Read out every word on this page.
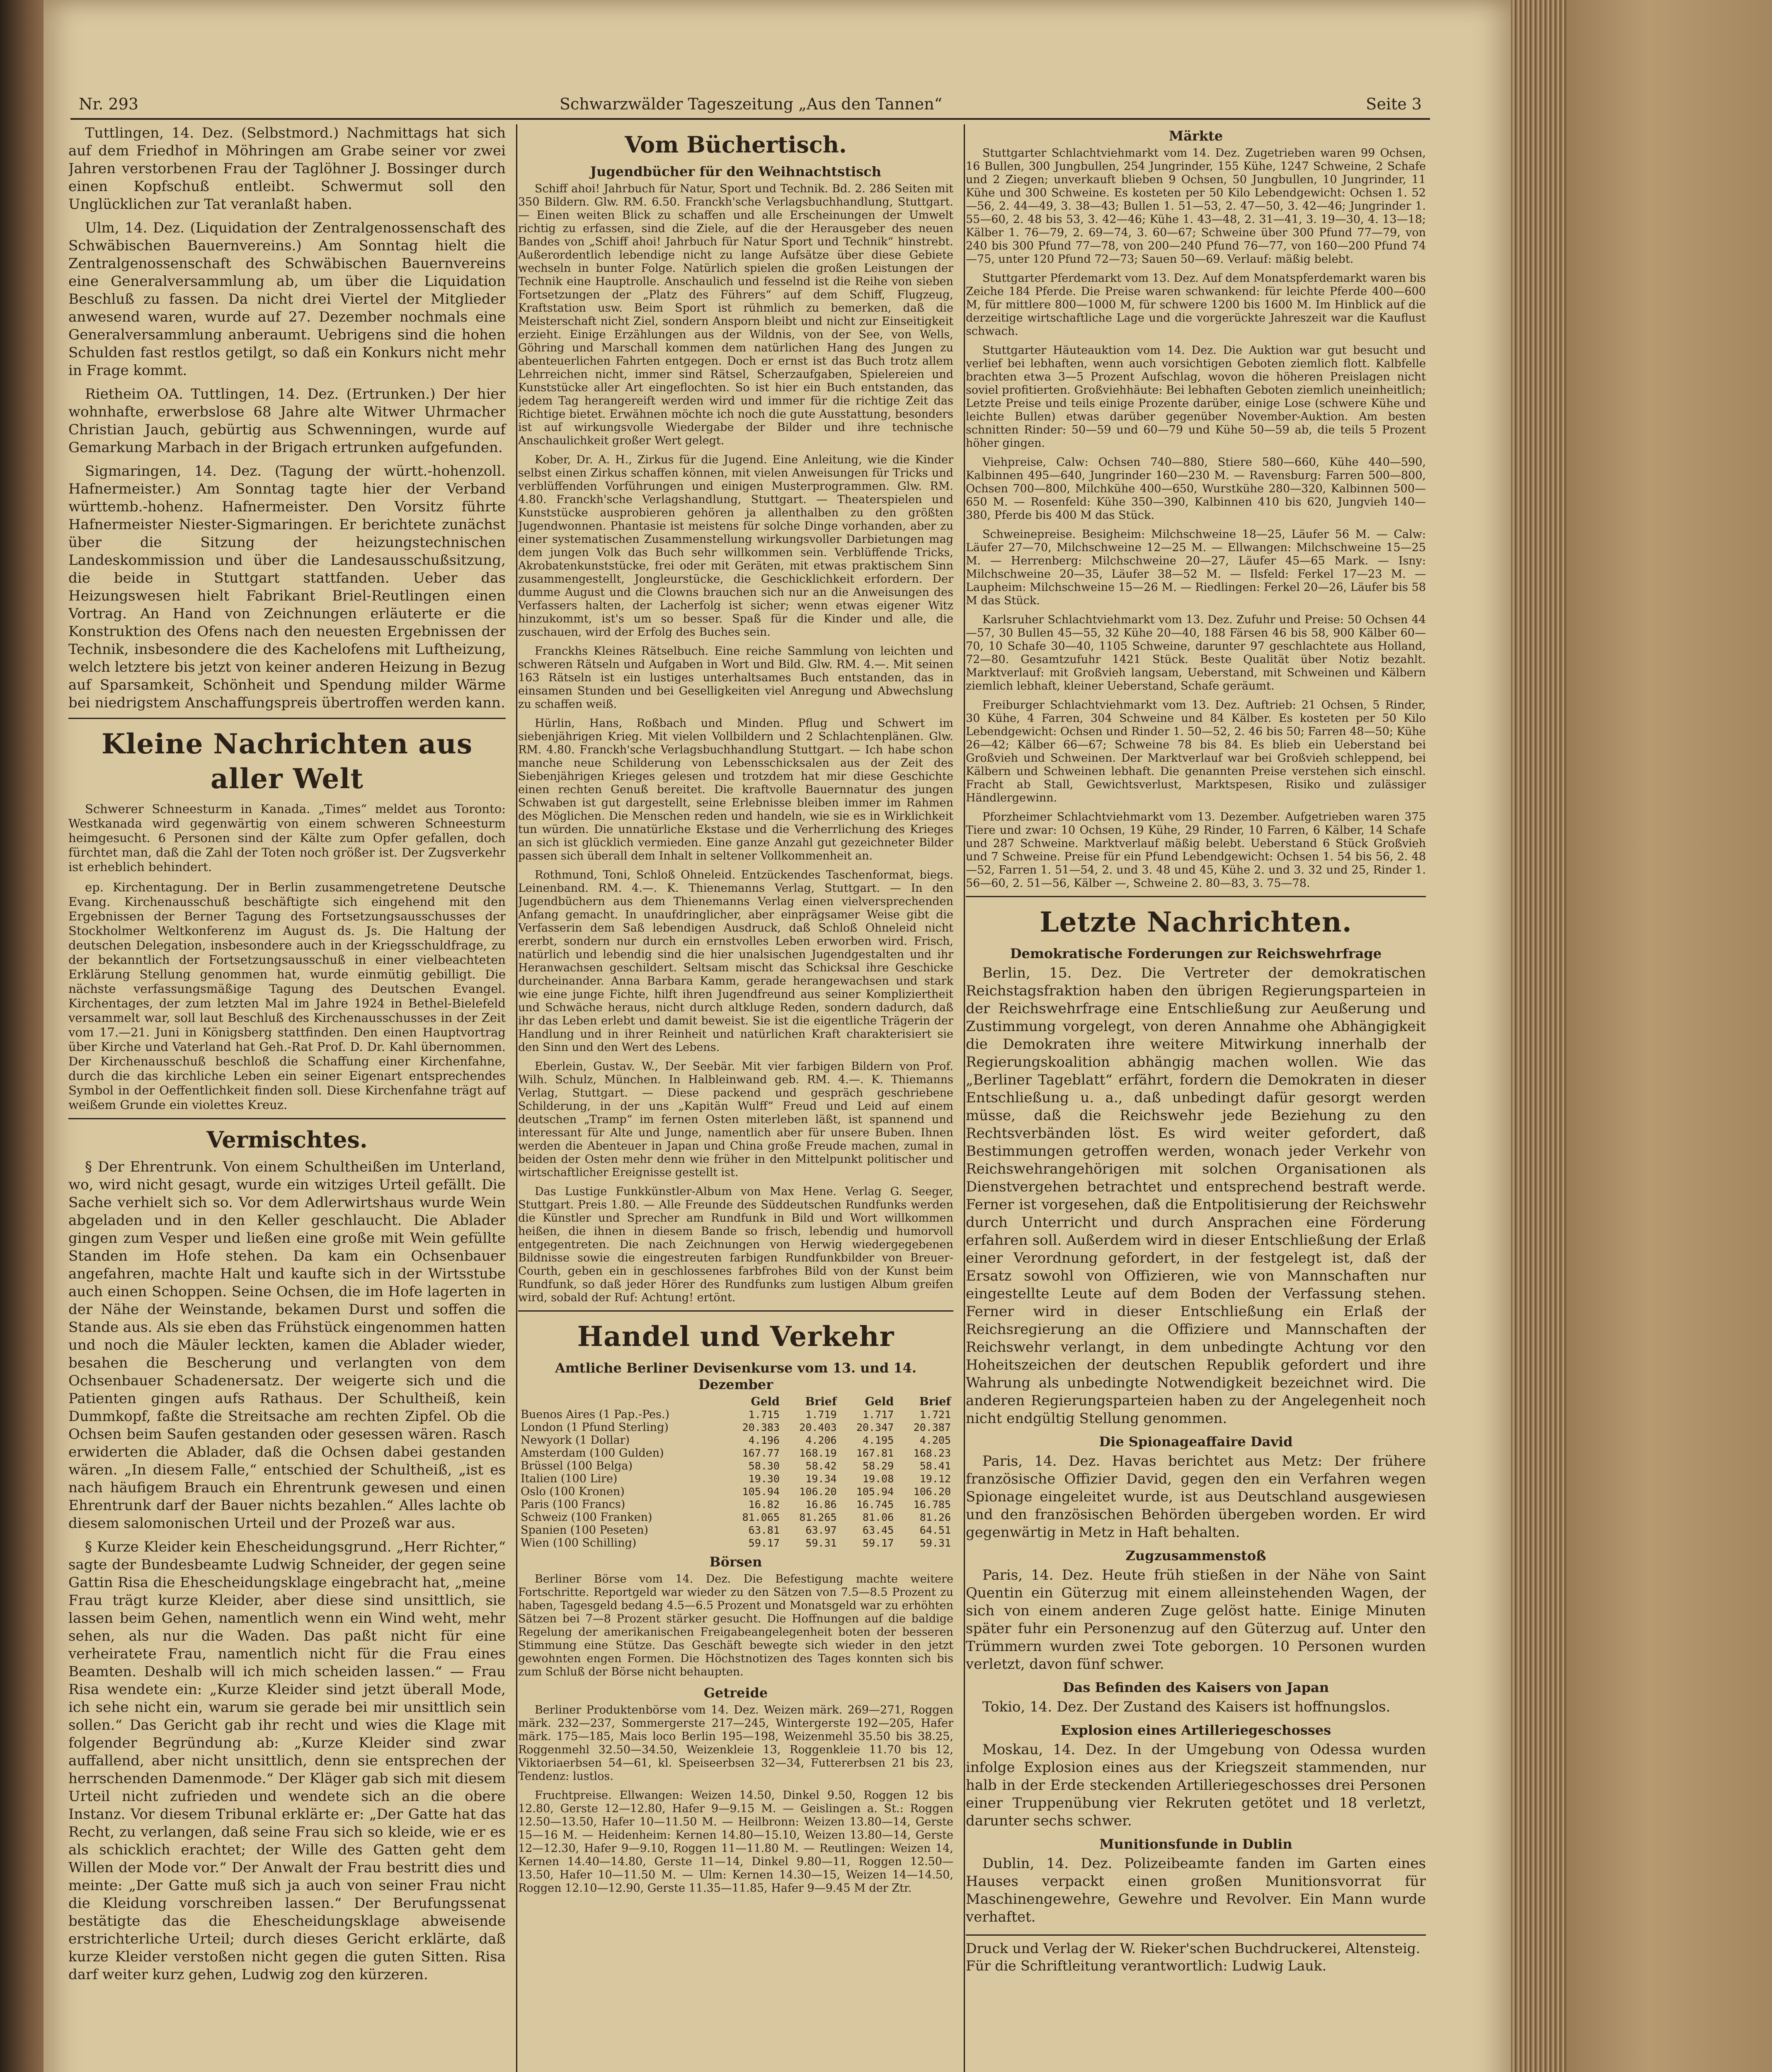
Nr. 293	Schwarzwälder Tageszeitung „Aus den Tannen“	Seite 3

Tuttlingen, 14. Dez. (Selbstmord.) Nachmittags hat sich auf dem Friedhof in Möhringen am Grabe seiner vor zwei Jahren verstorbenen Frau der Taglöhner J. Bossinger durch einen Kopfschuß entleibt. Schwermut soll den Unglücklichen zur Tat veranlaßt haben.

Ulm, 14. Dez. (Liquidation der Zentralgenossenschaft des Schwäbischen Bauernvereins.) Am Sonntag hielt die Zentralgenossenschaft des Schwäbischen Bauernvereins eine Generalversammlung ab, um über die Liquidation Beschluß zu fassen. Da nicht drei Viertel der Mitglieder anwesend waren, wurde auf 27. Dezember nochmals eine Generalversammlung anberaumt. Uebrigens sind die hohen Schulden fast restlos getilgt, so daß ein Konkurs nicht mehr in Frage kommt.

Rietheim OA. Tuttlingen, 14. Dez. (Ertrunken.) Der hier wohnhafte, erwerbslose 68 Jahre alte Witwer Uhrmacher Christian Jauch, gebürtig aus Schwenningen, wurde auf Gemarkung Marbach in der Brigach ertrunken aufgefunden.

Sigmaringen, 14. Dez. (Tagung der württ.-hohenzoll. Hafnermeister.) Am Sonntag tagte hier der Verband württemb.-hohenz. Hafnermeister. Den Vorsitz führte Hafnermeister Niester-Sigmaringen. Er berichtete zunächst über die Sitzung der heizungstechnischen Landeskommission und über die Landesausschußsitzung, die beide in Stuttgart stattfanden. Ueber das Heizungswesen hielt Fabrikant Briel-Reutlingen einen Vortrag. An Hand von Zeichnungen erläuterte er die Konstruktion des Ofens nach den neuesten Ergebnissen der Technik, insbesondere die des Kachelofens mit Luftheizung, welch letztere bis jetzt von keiner anderen Heizung in Bezug auf Sparsamkeit, Schönheit und Spendung milder Wärme bei niedrigstem Anschaffungspreis übertroffen werden kann.

Kleine Nachrichten aus aller Welt

Schwerer Schneesturm in Kanada. „Times“ meldet aus Toronto: Westkanada wird gegenwärtig von einem schweren Schneesturm heimgesucht. 6 Personen sind der Kälte zum Opfer gefallen, doch fürchtet man, daß die Zahl der Toten noch größer ist. Der Zugsverkehr ist erheblich behindert.

ep. Kirchentagung. Der in Berlin zusammengetretene Deutsche Evang. Kirchenausschuß beschäftigte sich eingehend mit den Ergebnissen der Berner Tagung des Fortsetzungsausschusses der Stockholmer Weltkonferenz im August ds. Js. Die Haltung der deutschen Delegation, insbesondere auch in der Kriegsschuldfrage, zu der bekanntlich der Fortsetzungsausschuß in einer vielbeachteten Erklärung Stellung genommen hat, wurde einmütig gebilligt. Die nächste verfassungsmäßige Tagung des Deutschen Evangel. Kirchentages, der zum letzten Mal im Jahre 1924 in Bethel-Bielefeld versammelt war, soll laut Beschluß des Kirchenausschusses in der Zeit vom 17.—21. Juni in Königsberg stattfinden. Den einen Hauptvortrag über Kirche und Vaterland hat Geh.-Rat Prof. D. Dr. Kahl übernommen. Der Kirchenausschuß beschloß die Schaffung einer Kirchenfahne, durch die das kirchliche Leben ein seiner Eigenart entsprechendes Symbol in der Oeffentlichkeit finden soll. Diese Kirchenfahne trägt auf weißem Grunde ein violettes Kreuz.

Vermischtes.

§ Der Ehrentrunk. Von einem Schultheißen im Unterland, wo, wird nicht gesagt, wurde ein witziges Urteil gefällt. Die Sache verhielt sich so. Vor dem Adlerwirtshaus wurde Wein abgeladen und in den Keller geschlaucht. Die Ablader gingen zum Vesper und ließen eine große mit Wein gefüllte Standen im Hofe stehen. Da kam ein Ochsenbauer angefahren, machte Halt und kaufte sich in der Wirtsstube auch einen Schoppen. Seine Ochsen, die im Hofe lagerten in der Nähe der Weinstande, bekamen Durst und soffen die Stande aus. Als sie eben das Frühstück eingenommen hatten und noch die Mäuler leckten, kamen die Ablader wieder, besahen die Bescherung und verlangten von dem Ochsenbauer Schadenersatz. Der weigerte sich und die Patienten gingen aufs Rathaus. Der Schultheiß, kein Dummkopf, faßte die Streitsache am rechten Zipfel. Ob die Ochsen beim Saufen gestanden oder gesessen wären. Rasch erwiderten die Ablader, daß die Ochsen dabei gestanden wären. „In diesem Falle,“ entschied der Schultheiß, „ist es nach häufigem Brauch ein Ehrentrunk gewesen und einen Ehrentrunk darf der Bauer nichts bezahlen.“ Alles lachte ob diesem salomonischen Urteil und der Prozeß war aus.

§ Kurze Kleider kein Ehescheidungsgrund. „Herr Richter,“ sagte der Bundesbeamte Ludwig Schneider, der gegen seine Gattin Risa die Ehescheidungsklage eingebracht hat, „meine Frau trägt kurze Kleider, aber diese sind unsittlich, sie lassen beim Gehen, namentlich wenn ein Wind weht, mehr sehen, als nur die Waden. Das paßt nicht für eine verheiratete Frau, namentlich nicht für die Frau eines Beamten. Deshalb will ich mich scheiden lassen.“ — Frau Risa wendete ein: „Kurze Kleider sind jetzt überall Mode, ich sehe nicht ein, warum sie gerade bei mir unsittlich sein sollen.“ Das Gericht gab ihr recht und wies die Klage mit folgender Begründung ab: „Kurze Kleider sind zwar auffallend, aber nicht unsittlich, denn sie entsprechen der herrschenden Damenmode.“ Der Kläger gab sich mit diesem Urteil nicht zufrieden und wendete sich an die obere Instanz. Vor diesem Tribunal erklärte er: „Der Gatte hat das Recht, zu verlangen, daß seine Frau sich so kleide, wie er es als schicklich erachtet; der Wille des Gatten geht dem Willen der Mode vor.“ Der Anwalt der Frau bestritt dies und meinte: „Der Gatte muß sich ja auch von seiner Frau nicht die Kleidung vorschreiben lassen.“ Der Berufungssenat bestätigte das die Ehescheidungsklage abweisende erstrichterliche Urteil; durch dieses Gericht erklärte, daß kurze Kleider verstoßen nicht gegen die guten Sitten. Risa darf weiter kurz gehen, Ludwig zog den kürzeren.

Vom Büchertisch.
Jugendbücher für den Weihnachtstisch

Schiff ahoi! Jahrbuch für Natur, Sport und Technik. Bd. 2. 286 Seiten mit 350 Bildern. Glw. RM. 6.50. Franckh'sche Verlagsbuchhandlung, Stuttgart. — Einen weiten Blick zu schaffen und alle Erscheinungen der Umwelt richtig zu erfassen, sind die Ziele, auf die der Herausgeber des neuen Bandes von „Schiff ahoi! Jahrbuch für Natur Sport und Technik“ hinstrebt. Außerordentlich lebendige nicht zu lange Aufsätze über diese Gebiete wechseln in bunter Folge. Natürlich spielen die großen Leistungen der Technik eine Hauptrolle. Anschaulich und fesselnd ist die Reihe von sieben Fortsetzungen der „Platz des Führers“ auf dem Schiff, Flugzeug, Kraftstation usw. Beim Sport ist rühmlich zu bemerken, daß die Meisterschaft nicht Ziel, sondern Ansporn bleibt und nicht zur Einseitigkeit erzieht. Einige Erzählungen aus der Wildnis, von der See, von Wells, Göhring und Marschall kommen dem natürlichen Hang des Jungen zu abenteuerlichen Fahrten entgegen. Doch er ernst ist das Buch trotz allem Lehrreichen nicht, immer sind Rätsel, Scherzaufgaben, Spielereien und Kunststücke aller Art eingeflochten. So ist hier ein Buch entstanden, das jedem Tag herangereift werden wird und immer für die richtige Zeit das Richtige bietet. Erwähnen möchte ich noch die gute Ausstattung, besonders ist auf wirkungsvolle Wiedergabe der Bilder und ihre technische Anschaulichkeit großer Wert gelegt.

Kober, Dr. A. H., Zirkus für die Jugend. Eine Anleitung, wie die Kinder selbst einen Zirkus schaffen können, mit vielen Anweisungen für Tricks und verblüffenden Vorführungen und einigen Musterprogrammen. Glw. RM. 4.80. Franckh'sche Verlagshandlung, Stuttgart. — Theaterspielen und Kunststücke ausprobieren gehören ja allenthalben zu den größten Jugendwonnen. Phantasie ist meistens für solche Dinge vorhanden, aber zu einer systematischen Zusammenstellung wirkungsvoller Darbietungen mag dem jungen Volk das Buch sehr willkommen sein. Verblüffende Tricks, Akrobatenkunststücke, frei oder mit Geräten, mit etwas praktischem Sinn zusammengestellt, Jongleurstücke, die Geschicklichkeit erfordern. Der dumme August und die Clowns brauchen sich nur an die Anweisungen des Verfassers halten, der Lacherfolg ist sicher; wenn etwas eigener Witz hinzukommt, ist's um so besser. Spaß für die Kinder und alle, die zuschauen, wird der Erfolg des Buches sein.

Franckhs Kleines Rätselbuch. Eine reiche Sammlung von leichten und schweren Rätseln und Aufgaben in Wort und Bild. Glw. RM. 4.—. Mit seinen 163 Rätseln ist ein lustiges unterhaltsames Buch entstanden, das in einsamen Stunden und bei Geselligkeiten viel Anregung und Abwechslung zu schaffen weiß.

Hürlin, Hans, Roßbach und Minden. Pflug und Schwert im siebenjährigen Krieg. Mit vielen Vollbildern und 2 Schlachtenplänen. Glw. RM. 4.80. Franckh'sche Verlagsbuchhandlung Stuttgart. — Ich habe schon manche neue Schilderung von Lebensschicksalen aus der Zeit des Siebenjährigen Krieges gelesen und trotzdem hat mir diese Geschichte einen rechten Genuß bereitet. Die kraftvolle Bauernnatur des jungen Schwaben ist gut dargestellt, seine Erlebnisse bleiben immer im Rahmen des Möglichen. Die Menschen reden und handeln, wie sie es in Wirklichkeit tun würden. Die unnatürliche Ekstase und die Verherrlichung des Krieges an sich ist glücklich vermieden. Eine ganze Anzahl gut gezeichneter Bilder passen sich überall dem Inhalt in seltener Vollkommenheit an.

Rothmund, Toni, Schloß Ohneleid. Entzückendes Taschenformat, biegs. Leinenband. RM. 4.—. K. Thienemanns Verlag, Stuttgart. — In den Jugendbüchern aus dem Thienemanns Verlag einen vielversprechenden Anfang gemacht. In unaufdringlicher, aber einprägsamer Weise gibt die Verfasserin dem Saß lebendigen Ausdruck, daß Schloß Ohneleid nicht ererbt, sondern nur durch ein ernstvolles Leben erworben wird. Frisch, natürlich und lebendig sind die hier unalsischen Jugendgestalten und ihr Heranwachsen geschildert. Seltsam mischt das Schicksal ihre Geschicke durcheinander. Anna Barbara Kamm, gerade herangewachsen und stark wie eine junge Fichte, hilft ihren Jugendfreund aus seiner Kompliziertheit und Schwäche heraus, nicht durch altkluge Reden, sondern dadurch, daß ihr das Leben erlebt und damit beweist. Sie ist die eigentliche Trägerin der Handlung und in ihrer Reinheit und natürlichen Kraft charakterisiert sie den Sinn und den Wert des Lebens.

Eberlein, Gustav. W., Der Seebär. Mit vier farbigen Bildern von Prof. Wilh. Schulz, München. In Halbleinwand geb. RM. 4.—. K. Thiemanns Verlag, Stuttgart. — Diese packend und gespräch geschriebene Schilderung, in der uns „Kapitän Wulff“ Freud und Leid auf einem deutschen „Tramp“ im fernen Osten miterleben läßt, ist spannend und interessant für Alte und Junge, namentlich aber für unsere Buben. Ihnen werden die Abenteuer in Japan und China große Freude machen, zumal in beiden der Osten mehr denn wie früher in den Mittelpunkt politischer und wirtschaftlicher Ereignisse gestellt ist.

Das Lustige Funkkünstler-Album von Max Hene. Verlag G. Seeger, Stuttgart. Preis 1.80. — Alle Freunde des Süddeutschen Rundfunks werden die Künstler und Sprecher am Rundfunk in Bild und Wort willkommen heißen, die ihnen in diesem Bande so frisch, lebendig und humorvoll entgegentreten. Die nach Zeichnungen von Herwig wiedergegebenen Bildnisse sowie die eingestreuten farbigen Rundfunkbilder von Breuer-Courth, geben ein in geschlossenes farbfrohes Bild von der Kunst beim Rundfunk, so daß jeder Hörer des Rundfunks zum lustigen Album greifen wird, sobald der Ruf: Achtung! ertönt.

Handel und Verkehr
Amtliche Berliner Devisenkurse vom 13. und 14. Dezember
	Geld	Brief	Geld	Brief
Buenos Aires (1 Pap.-Pes.)	1.715	1.719	1.717	1.721
London (1 Pfund Sterling)	20.383	20.403	20.347	20.387
Newyork (1 Dollar)	4.196	4.206	4.195	4.205
Amsterdam (100 Gulden)	167.77	168.19	167.81	168.23
Brüssel (100 Belga)	58.30	58.42	58.29	58.41
Italien (100 Lire)	19.30	19.34	19.08	19.12
Oslo (100 Kronen)	105.94	106.20	105.94	106.20
Paris (100 Francs)	16.82	16.86	16.745	16.785
Schweiz (100 Franken)	81.065	81.265	81.06	81.26
Spanien (100 Peseten)	63.81	63.97	63.45	64.51
Wien (100 Schilling)	59.17	59.31	59.17	59.31
Börsen

Berliner Börse vom 14. Dez. Die Befestigung machte weitere Fortschritte. Reportgeld war wieder zu den Sätzen von 7.5—8.5 Prozent zu haben, Tagesgeld bedang 4.5—6.5 Prozent und Monatsgeld war zu erhöhten Sätzen bei 7—8 Prozent stärker gesucht. Die Hoffnungen auf die baldige Regelung der amerikanischen Freigabeangelegenheit boten der besseren Stimmung eine Stütze. Das Geschäft bewegte sich wieder in den jetzt gewohnten engen Formen. Die Höchstnotizen des Tages konnten sich bis zum Schluß der Börse nicht behaupten.

Getreide

Berliner Produktenbörse vom 14. Dez. Weizen märk. 269—271, Roggen märk. 232—237, Sommergerste 217—245, Wintergerste 192—205, Hafer märk. 175—185, Mais loco Berlin 195—198, Weizenmehl 35.50 bis 38.25, Roggenmehl 32.50—34.50, Weizenkleie 13, Roggenkleie 11.70 bis 12, Viktoriaerbsen 54—61, kl. Speiseerbsen 32—34, Futtererbsen 21 bis 23, Tendenz: lustlos.

Fruchtpreise. Ellwangen: Weizen 14.50, Dinkel 9.50, Roggen 12 bis 12.80, Gerste 12—12.80, Hafer 9—9.15 M. — Geislingen a. St.: Roggen 12.50—13.50, Hafer 10—11.50 M. — Heilbronn: Weizen 13.80—14, Gerste 15—16 M. — Heidenheim: Kernen 14.80—15.10, Weizen 13.80—14, Gerste 12—12.30, Hafer 9—9.10, Roggen 11—11.80 M. — Reutlingen: Weizen 14, Kernen 14.40—14.80, Gerste 11—14, Dinkel 9.80—11, Roggen 12.50—13.50, Hafer 10—11.50 M. — Ulm: Kernen 14.30—15, Weizen 14—14.50, Roggen 12.10—12.90, Gerste 11.35—11.85, Hafer 9—9.45 M der Ztr.

Märkte

Stuttgarter Schlachtviehmarkt vom 14. Dez. Zugetrieben waren 99 Ochsen, 16 Bullen, 300 Jungbullen, 254 Jungrinder, 155 Kühe, 1247 Schweine, 2 Schafe und 2 Ziegen; unverkauft blieben 9 Ochsen, 50 Jungbullen, 10 Jungrinder, 11 Kühe und 300 Schweine. Es kosteten per 50 Kilo Lebendgewicht: Ochsen 1. 52—56, 2. 44—49, 3. 38—43; Bullen 1. 51—53, 2. 47—50, 3. 42—46; Jungrinder 1. 55—60, 2. 48 bis 53, 3. 42—46; Kühe 1. 43—48, 2. 31—41, 3. 19—30, 4. 13—18; Kälber 1. 76—79, 2. 69—74, 3. 60—67; Schweine über 300 Pfund 77—79, von 240 bis 300 Pfund 77—78, von 200—240 Pfund 76—77, von 160—200 Pfund 74—75, unter 120 Pfund 72—73; Sauen 50—69. Verlauf: mäßig belebt.

Stuttgarter Pferdemarkt vom 13. Dez. Auf dem Monatspferdemarkt waren bis Zeiche 184 Pferde. Die Preise waren schwankend: für leichte Pferde 400—600 M, für mittlere 800—1000 M, für schwere 1200 bis 1600 M. Im Hinblick auf die derzeitige wirtschaftliche Lage und die vorgerückte Jahreszeit war die Kauflust schwach.

Stuttgarter Häuteauktion vom 14. Dez. Die Auktion war gut besucht und verlief bei lebhaften, wenn auch vorsichtigen Geboten ziemlich flott. Kalbfelle brachten etwa 3—5 Prozent Aufschlag, wovon die höheren Preislagen nicht soviel profitierten. Großviehhäute: Bei lebhaften Geboten ziemlich uneinheitlich; Letzte Preise und teils einige Prozente darüber, einige Lose (schwere Kühe und leichte Bullen) etwas darüber gegenüber November-Auktion. Am besten schnitten Rinder: 50—59 und 60—79 und Kühe 50—59 ab, die teils 5 Prozent höher gingen.

Viehpreise, Calw: Ochsen 740—880, Stiere 580—660, Kühe 440—590, Kalbinnen 495—640, Jungrinder 160—230 M. — Ravensburg: Farren 500—800, Ochsen 700—800, Milchkühe 400—650, Wurstkühe 280—320, Kalbinnen 500—650 M. — Rosenfeld: Kühe 350—390, Kalbinnen 410 bis 620, Jungvieh 140—380, Pferde bis 400 M das Stück.

Schweinepreise. Besigheim: Milchschweine 18—25, Läufer 56 M. — Calw: Läufer 27—70, Milchschweine 12—25 M. — Ellwangen: Milchschweine 15—25 M. — Herrenberg: Milchschweine 20—27, Läufer 45—65 Mark. — Isny: Milchschweine 20—35, Läufer 38—52 M. — Ilsfeld: Ferkel 17—23 M. — Laupheim: Milchschweine 15—26 M. — Riedlingen: Ferkel 20—26, Läufer bis 58 M das Stück.

Karlsruher Schlachtviehmarkt vom 13. Dez. Zufuhr und Preise: 50 Ochsen 44—57, 30 Bullen 45—55, 32 Kühe 20—40, 188 Färsen 46 bis 58, 900 Kälber 60—70, 10 Schafe 30—40, 1105 Schweine, darunter 97 geschlachtete aus Holland, 72—80. Gesamtzufuhr 1421 Stück. Beste Qualität über Notiz bezahlt. Marktverlauf: mit Großvieh langsam, Ueberstand, mit Schweinen und Kälbern ziemlich lebhaft, kleiner Ueberstand, Schafe geräumt.

Freiburger Schlachtviehmarkt vom 13. Dez. Auftrieb: 21 Ochsen, 5 Rinder, 30 Kühe, 4 Farren, 304 Schweine und 84 Kälber. Es kosteten per 50 Kilo Lebendgewicht: Ochsen und Rinder 1. 50—52, 2. 46 bis 50; Farren 48—50; Kühe 26—42; Kälber 66—67; Schweine 78 bis 84. Es blieb ein Ueberstand bei Großvieh und Schweinen. Der Marktverlauf war bei Großvieh schleppend, bei Kälbern und Schweinen lebhaft. Die genannten Preise verstehen sich einschl. Fracht ab Stall, Gewichtsverlust, Marktspesen, Risiko und zulässiger Händlergewinn.

Pforzheimer Schlachtviehmarkt vom 13. Dezember. Aufgetrieben waren 375 Tiere und zwar: 10 Ochsen, 19 Kühe, 29 Rinder, 10 Farren, 6 Kälber, 14 Schafe und 287 Schweine. Marktverlauf mäßig belebt. Ueberstand 6 Stück Großvieh und 7 Schweine. Preise für ein Pfund Lebendgewicht: Ochsen 1. 54 bis 56, 2. 48—52, Farren 1. 51—54, 2. und 3. 48 und 45, Kühe 2. und 3. 32 und 25, Rinder 1. 56—60, 2. 51—56, Kälber —, Schweine 2. 80—83, 3. 75—78.

Letzte Nachrichten.
Demokratische Forderungen zur Reichswehrfrage

Berlin, 15. Dez. Die Vertreter der demokratischen Reichstagsfraktion haben den übrigen Regierungsparteien in der Reichswehrfrage eine Entschließung zur Aeußerung und Zustimmung vorgelegt, von deren Annahme ohe Abhängigkeit die Demokraten ihre weitere Mitwirkung innerhalb der Regierungskoalition abhängig machen wollen. Wie das „Berliner Tageblatt“ erfährt, fordern die Demokraten in dieser Entschließung u. a., daß unbedingt dafür gesorgt werden müsse, daß die Reichswehr jede Beziehung zu den Rechtsverbänden löst. Es wird weiter gefordert, daß Bestimmungen getroffen werden, wonach jeder Verkehr von Reichswehrangehörigen mit solchen Organisationen als Dienstvergehen betrachtet und entsprechend bestraft werde. Ferner ist vorgesehen, daß die Entpolitisierung der Reichswehr durch Unterricht und durch Ansprachen eine Förderung erfahren soll. Außerdem wird in dieser Entschließung der Erlaß einer Verordnung gefordert, in der festgelegt ist, daß der Ersatz sowohl von Offizieren, wie von Mannschaften nur eingestellte Leute auf dem Boden der Verfassung stehen. Ferner wird in dieser Entschließung ein Erlaß der Reichsregierung an die Offiziere und Mannschaften der Reichswehr verlangt, in dem unbedingte Achtung vor den Hoheitszeichen der deutschen Republik gefordert und ihre Wahrung als unbedingte Notwendigkeit bezeichnet wird. Die anderen Regierungsparteien haben zu der Angelegenheit noch nicht endgültig Stellung genommen.

Die Spionageaffaire David

Paris, 14. Dez. Havas berichtet aus Metz: Der frühere französische Offizier David, gegen den ein Verfahren wegen Spionage eingeleitet wurde, ist aus Deutschland ausgewiesen und den französischen Behörden übergeben worden. Er wird gegenwärtig in Metz in Haft behalten.

Zugzusammenstoß

Paris, 14. Dez. Heute früh stießen in der Nähe von Saint Quentin ein Güterzug mit einem alleinstehenden Wagen, der sich von einem anderen Zuge gelöst hatte. Einige Minuten später fuhr ein Personenzug auf den Güterzug auf. Unter den Trümmern wurden zwei Tote geborgen. 10 Personen wurden verletzt, davon fünf schwer.

Das Befinden des Kaisers von Japan

Tokio, 14. Dez. Der Zustand des Kaisers ist hoffnungslos.

Explosion eines Artilleriegeschosses

Moskau, 14. Dez. In der Umgebung von Odessa wurden infolge Explosion eines aus der Kriegszeit stammenden, nur halb in der Erde steckenden Artilleriegeschosses drei Personen einer Truppenübung vier Rekruten getötet und 18 verletzt, darunter sechs schwer.

Munitionsfunde in Dublin

Dublin, 14. Dez. Polizeibeamte fanden im Garten eines Hauses verpackt einen großen Munitionsvorrat für Maschinengewehre, Gewehre und Revolver. Ein Mann wurde verhaftet.

Druck und Verlag der W. Rieker'schen Buchdruckerei, Altensteig. Für die Schriftleitung verantwortlich: Ludwig Lauk.
